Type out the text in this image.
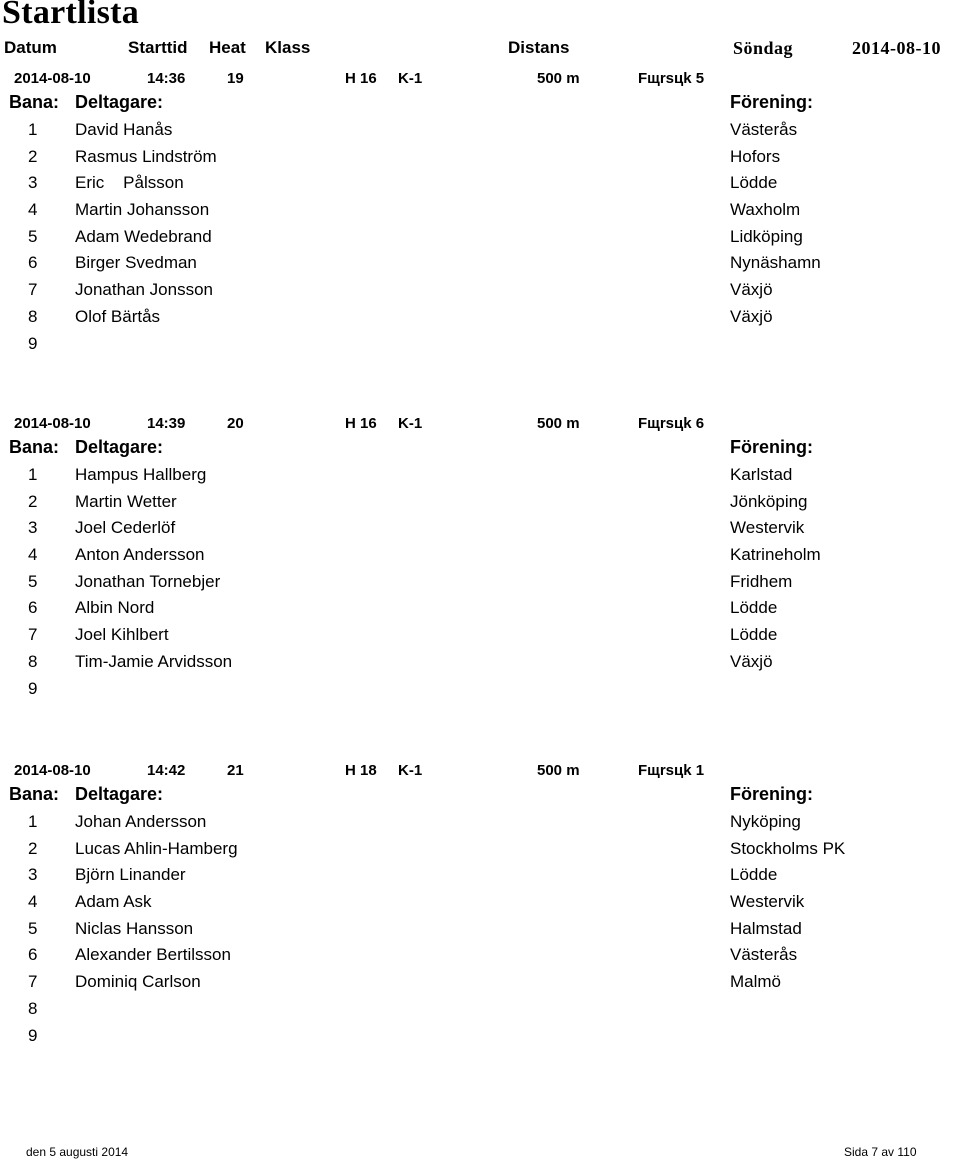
Startlista
Datum	Starttid Heat Klass	Distans	Söndag	2014-08-10
2014-08-10	14:36	19	H 16 K-1	500 m	Fщrsцk 5
Bana: Deltagare:	Förening:
1 David Hanås	Västerås
2 Rasmus Lindström	Hofors
3 Eric    Pålsson	Lödde
4 Martin Johansson	Waxholm
5 Adam Wedebrand	Lidköping
6 Birger Svedman	Nynäshamn
7 Jonathan Jonsson	Växjö
8 Olof Bärtås	Växjö
9
2014-08-10	14:39	20	H 16 K-1	500 m	Fщrsцk 6
Bana: Deltagare:	Förening:
1 Hampus Hallberg	Karlstad
2 Martin Wetter	Jönköping
3 Joel Cederlöf	Westervik
4 Anton Andersson	Katrineholm
5 Jonathan Tornebjer	Fridhem
6 Albin Nord	Lödde
7 Joel Kihlbert	Lödde
8 Tim-Jamie Arvidsson	Växjö
9
2014-08-10	14:42	21	H 18 K-1	500 m	Fщrsцk 1
Bana: Deltagare:	Förening:
1 Johan Andersson	Nyköping
2 Lucas Ahlin-Hamberg	Stockholms PK
3 Björn Linander	Lödde
4 Adam Ask	Westervik
5 Niclas Hansson	Halmstad
6 Alexander Bertilsson	Västerås
7 Dominiq Carlson	Malmö
8
9
den 5 augusti 2014	Sida 7 av 110
